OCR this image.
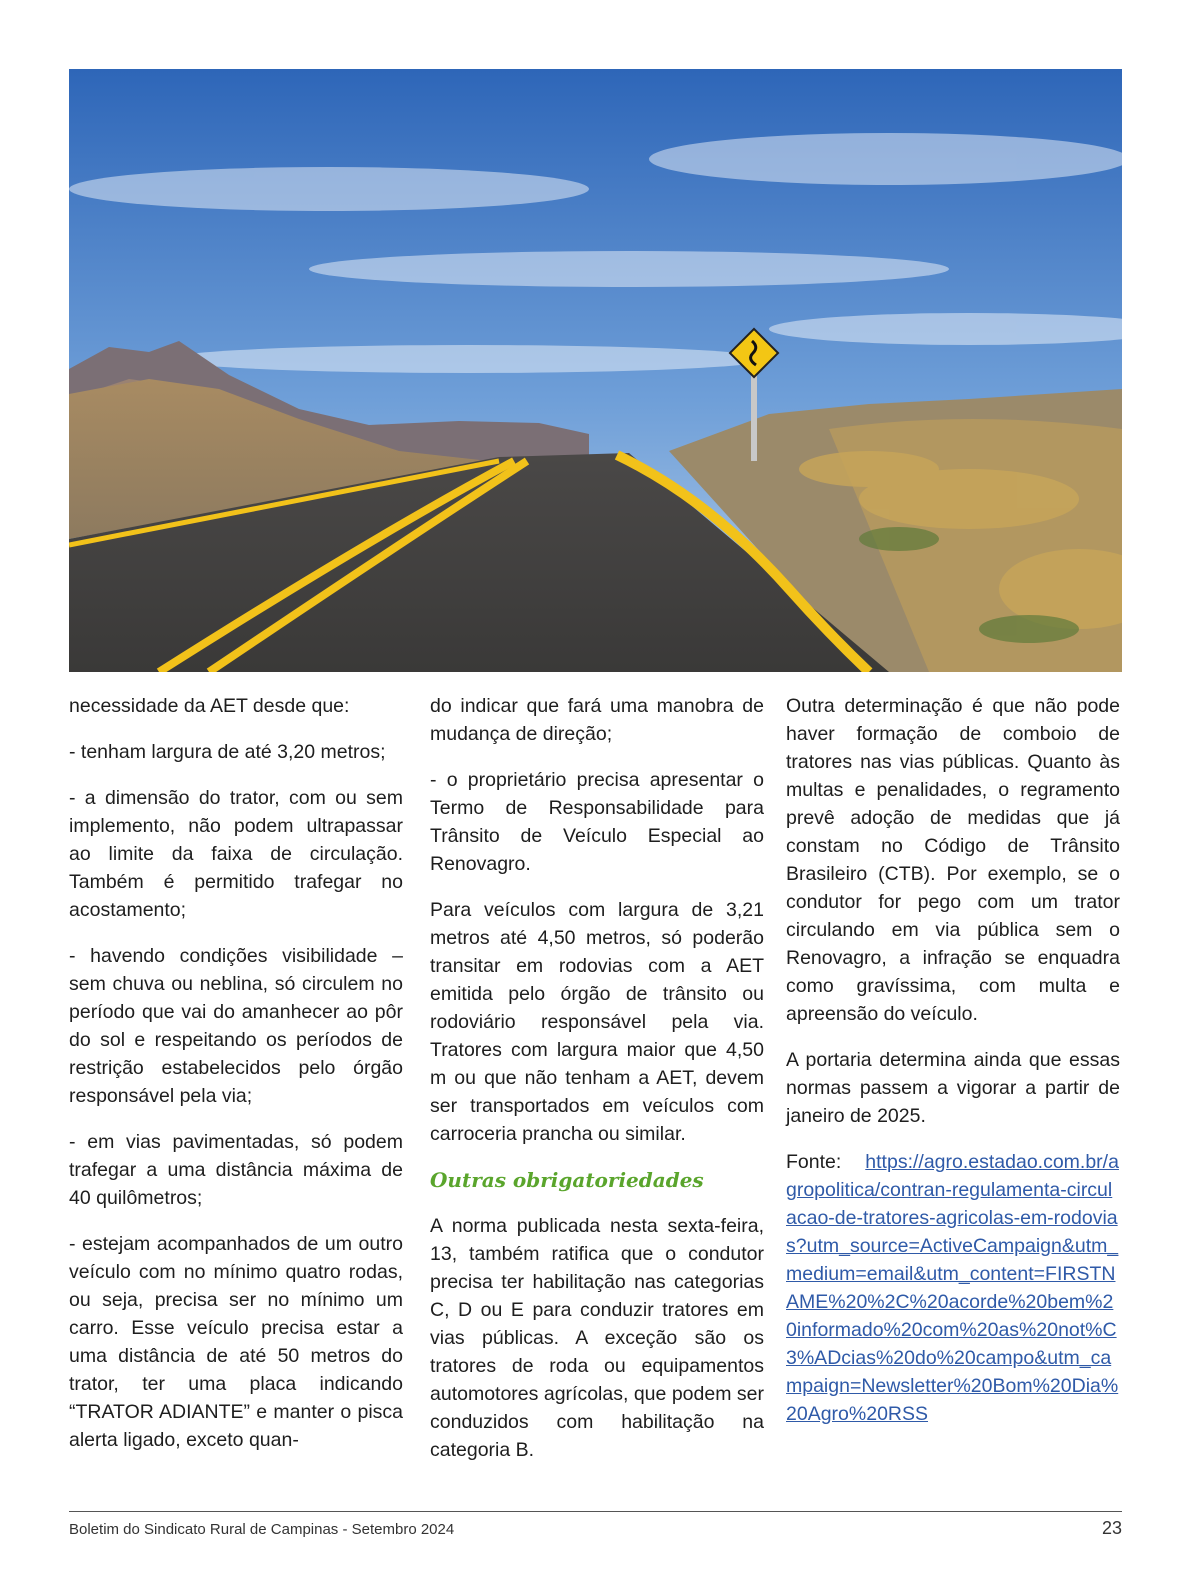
necessidade da AET desde que:

- tenham largura de até 3,20 metros;

- a dimensão do trator, com ou sem implemento, não podem ultrapassar ao limite da faixa de circulação. Também é permitido trafegar no acostamento;

- havendo condições visibilidade – sem chuva ou neblina, só circulem no período que vai do amanhecer ao pôr do sol e respeitando os períodos de restrição estabelecidos pelo órgão responsável pela via;

- em vias pavimentadas, só podem trafegar a uma distância máxima de 40 quilômetros;

- estejam acompanhados de um outro veículo com no mínimo quatro rodas, ou seja, precisa ser no mínimo um carro. Esse veículo precisa estar a uma distância de até 50 metros do trator, ter uma placa indicando “TRATOR ADIANTE” e manter o pisca alerta ligado, exceto quan-

do indicar que fará uma manobra de mudança de direção;

- o proprietário precisa apresentar o Termo de Responsabilidade para Trânsito de Veículo Especial ao Renovagro.

Para veículos com largura de 3,21 metros até 4,50 metros, só poderão transitar em rodovias com a AET emitida pelo órgão de trânsito ou rodoviário responsável pela via. Tratores com largura maior que 4,50 m ou que não tenham a AET, devem ser transportados em veículos com carroceria prancha ou similar.

Outras obrigatoriedades

A norma publicada nesta sexta-feira, 13, também ratifica que o condutor precisa ter habilitação nas categorias C, D ou E para conduzir tratores em vias públicas. A exceção são os tratores de roda ou equipamentos automotores agrícolas, que podem ser conduzidos com habilitação na categoria B.

Outra determinação é que não pode haver formação de comboio de tratores nas vias públicas. Quanto às multas e penalidades, o regramento prevê adoção de medidas que já constam no Código de Trânsito Brasileiro (CTB). Por exemplo, se o condutor for pego com um trator circulando em via pública sem o Renovagro, a infração se enquadra como gravíssima, com multa e apreensão do veículo.

A portaria determina ainda que essas normas passem a vigorar a partir de janeiro de 2025.

Fonte: https://agro.estadao.com.br/agropolitica/contran-regulamenta-circulacao-de-tratores-agricolas-em-rodovias?utm_source=ActiveCampaign&utm_medium=email&utm_content=FIRSTNAME%20%2C%20acorde%20bem%20informado%20com%20as%20not%C3%ADcias%20do%20campo&utm_campaign=Newsletter%20Bom%20Dia%20Agro%20RSS

Boletim do Sindicato Rural de Campinas - Setembro 2024	23
